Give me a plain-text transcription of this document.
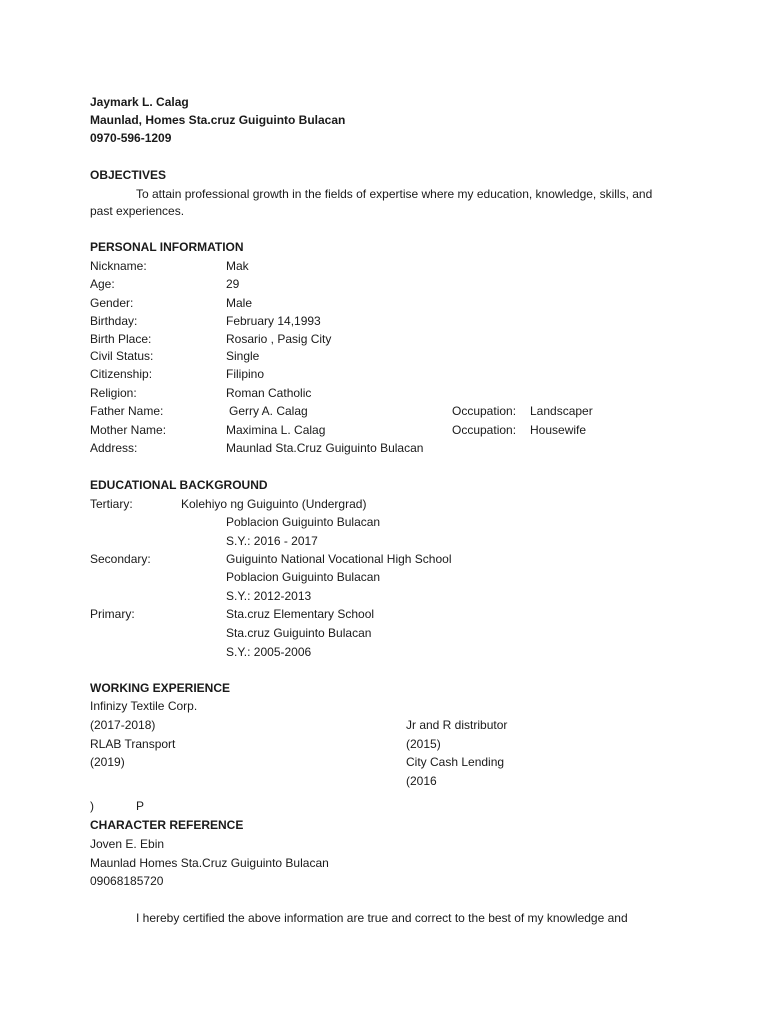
Jaymark L. Calag
Maunlad, Homes Sta.cruz Guiguinto Bulacan
0970-596-1209
OBJECTIVES
To attain professional growth in the fields of expertise where my education, knowledge, skills, and
past experiences.
PERSONAL INFORMATION
Nickname:	Mak
Age:	29
Gender:	Male
Birthday:	February 14,1993
Birth Place:	Rosario , Pasig City
Civil Status:	Single
Citizenship:	Filipino
Religion:	Roman Catholic
Father Name:	Gerry A. Calag	Occupation: Landscaper
Mother Name:	Maximina L. Calag	Occupation: Housewife
Address:	Maunlad Sta.Cruz Guiguinto Bulacan
EDUCATIONAL BACKGROUND
Tertiary:	Kolehiyo ng Guiguinto (Undergrad)
Poblacion Guiguinto Bulacan
S.Y.: 2016 - 2017
Secondary:	Guiguinto National Vocational High School
Poblacion Guiguinto Bulacan
S.Y.: 2012-2013
Primary:	Sta.cruz Elementary School
Sta.cruz Guiguinto Bulacan
S.Y.: 2005-2006
WORKING EXPERIENCE
Infinizy Textile Corp.
(2017-2018)
RLAB Transport
(2019)
Jr and R distributor
(2015)
City Cash Lending
(2016
)	P
CHARACTER REFERENCE
Joven E. Ebin
Maunlad Homes Sta.Cruz Guiguinto Bulacan
09068185720
I hereby certified the above information are true and correct to the best of my knowledge and
